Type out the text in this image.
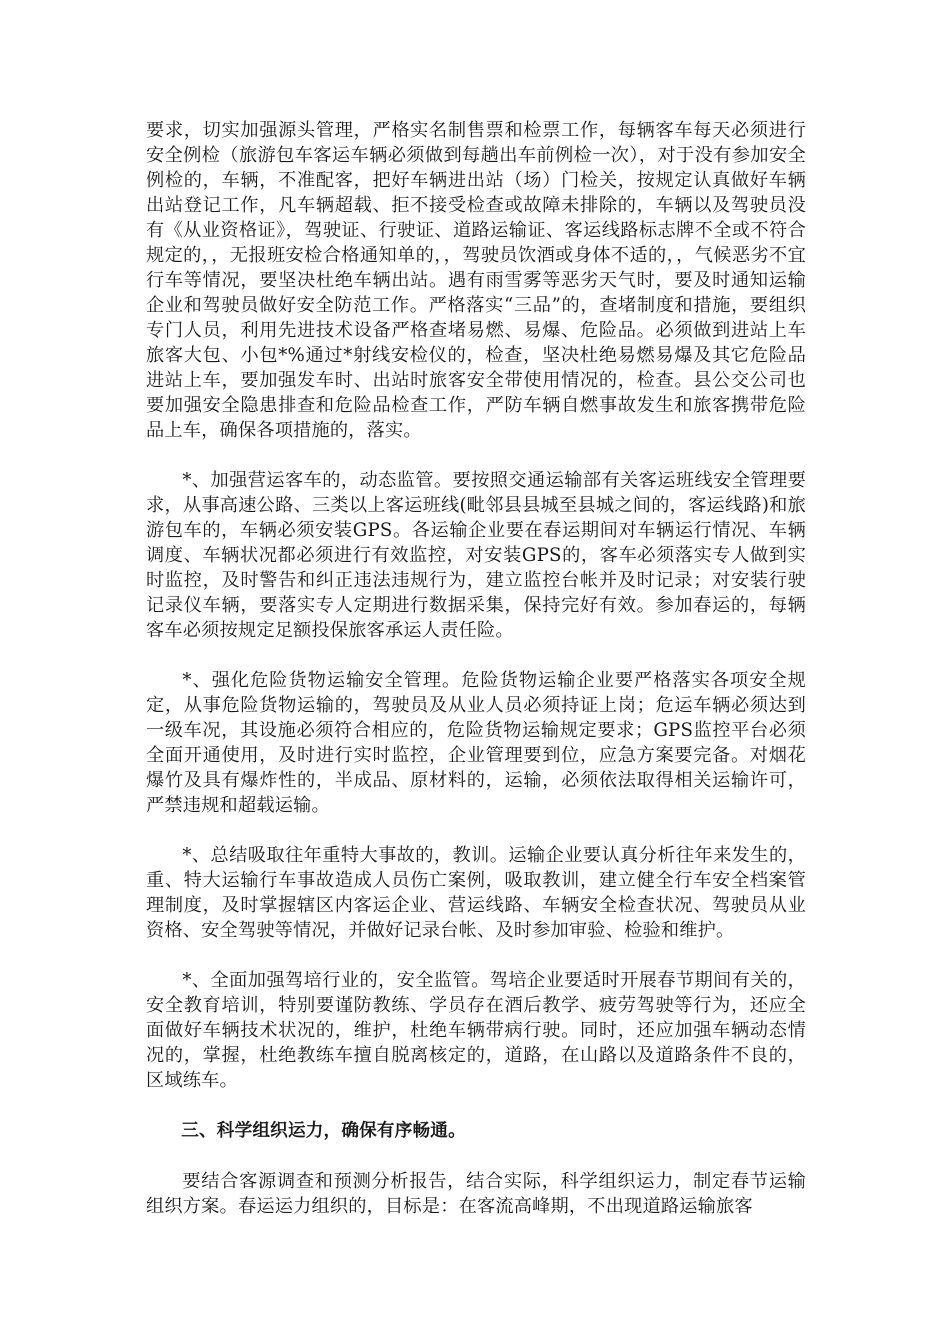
要求，切实加强源头管理，严格实名制售票和检票工作，每辆客车每天必须进行安全例检（旅游包车客运车辆必须做到每趟出车前例检一次），对于没有参加安全例检的，车辆，不准配客，把好车辆进出站（场）门检关，按规定认真做好车辆出站登记工作，凡车辆超载、拒不接受检查或故障未排除的，车辆以及驾驶员没有《从业资格证》，驾驶证、行驶证、道路运输证、客运线路标志牌不全或不符合规定的，，无报班安检合格通知单的，，驾驶员饮酒或身体不适的，，气候恶劣不宜行车等情况，要坚决杜绝车辆出站。遇有雨雪雾等恶劣天气时，要及时通知运输企业和驾驶员做好安全防范工作。严格落实“三品”的，查堵制度和措施，要组织专门人员，利用先进技术设备严格查堵易燃、易爆、危险品。必须做到进站上车旅客大包、小包*%通过*射线安检仪的，检查，坚决杜绝易燃易爆及其它危险品进站上车，要加强发车时、出站时旅客安全带使用情况的，检查。县公交公司也要加强安全隐患排查和危险品检查工作，严防车辆自燃事故发生和旅客携带危险品上车，确保各项措施的，落实。

*、加强营运客车的，动态监管。要按照交通运输部有关客运班线安全管理要求，从事高速公路、三类以上客运班线(毗邻县县城至县城之间的，客运线路)和旅游包车的，车辆必须安装GPS。各运输企业要在春运期间对车辆运行情况、车辆调度、车辆状况都必须进行有效监控，对安装GPS的，客车必须落实专人做到实时监控，及时警告和纠正违法违规行为，建立监控台帐并及时记录；对安装行驶记录仪车辆，要落实专人定期进行数据采集，保持完好有效。参加春运的，每辆客车必须按规定足额投保旅客承运人责任险。

*、强化危险货物运输安全管理。危险货物运输企业要严格落实各项安全规定，从事危险货物运输的，驾驶员及从业人员必须持证上岗；危运车辆必须达到一级车况，其设施必须符合相应的，危险货物运输规定要求；GPS监控平台必须全面开通使用，及时进行实时监控，企业管理要到位，应急方案要完备。对烟花爆竹及具有爆炸性的，半成品、原材料的，运输，必须依法取得相关运输许可，严禁违规和超载运输。

*、总结吸取往年重特大事故的，教训。运输企业要认真分析往年来发生的，重、特大运输行车事故造成人员伤亡案例，吸取教训，建立健全行车安全档案管理制度，及时掌握辖区内客运企业、营运线路、车辆安全检查状况、驾驶员从业资格、安全驾驶等情况，并做好记录台帐、及时参加审验、检验和维护。

*、全面加强驾培行业的，安全监管。驾培企业要适时开展春节期间有关的，安全教育培训，特别要谨防教练、学员存在酒后教学、疲劳驾驶等行为，还应全面做好车辆技术状况的，维护，杜绝车辆带病行驶。同时，还应加强车辆动态情况的，掌握，杜绝教练车擅自脱离核定的，道路，在山路以及道路条件不良的，区域练车。

三、科学组织运力，确保有序畅通。

要结合客源调查和预测分析报告，结合实际，科学组织运力，制定春节运输组织方案。春运运力组织的，目标是：在客流高峰期，不出现道路运输旅客
